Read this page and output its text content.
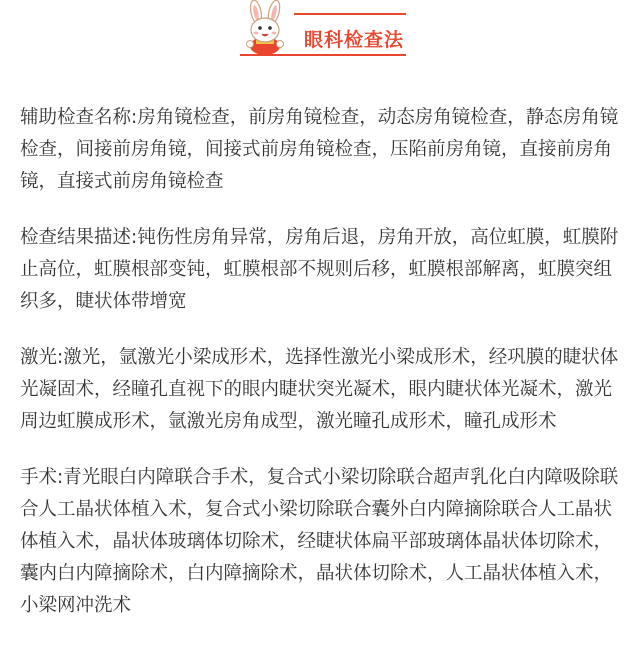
眼科检查法

辅助检查名称:房角镜检查，前房角镜检查，动态房角镜检查，静态房角镜检查，间接前房角镜，间接式前房角镜检查，压陷前房角镜，直接前房角镜，直接式前房角镜检查

检查结果描述:钝伤性房角异常，房角后退，房角开放，高位虹膜，虹膜附止高位，虹膜根部变钝，虹膜根部不规则后移，虹膜根部解离，虹膜突组织多，睫状体带增宽

激光:激光，氩激光小梁成形术，选择性激光小梁成形术，经巩膜的睫状体光凝固术，经瞳孔直视下的眼内睫状突光凝术，眼内睫状体光凝术，激光周边虹膜成形术，氩激光房角成型，激光瞳孔成形术，瞳孔成形术

手术:青光眼白内障联合手术，复合式小梁切除联合超声乳化白内障吸除联合人工晶状体植入术，复合式小梁切除联合囊外白内障摘除联合人工晶状体植入术，晶状体玻璃体切除术，经睫状体扁平部玻璃体晶状体切除术，囊内白内障摘除术，白内障摘除术，晶状体切除术，人工晶状体植入术，小梁网冲洗术
